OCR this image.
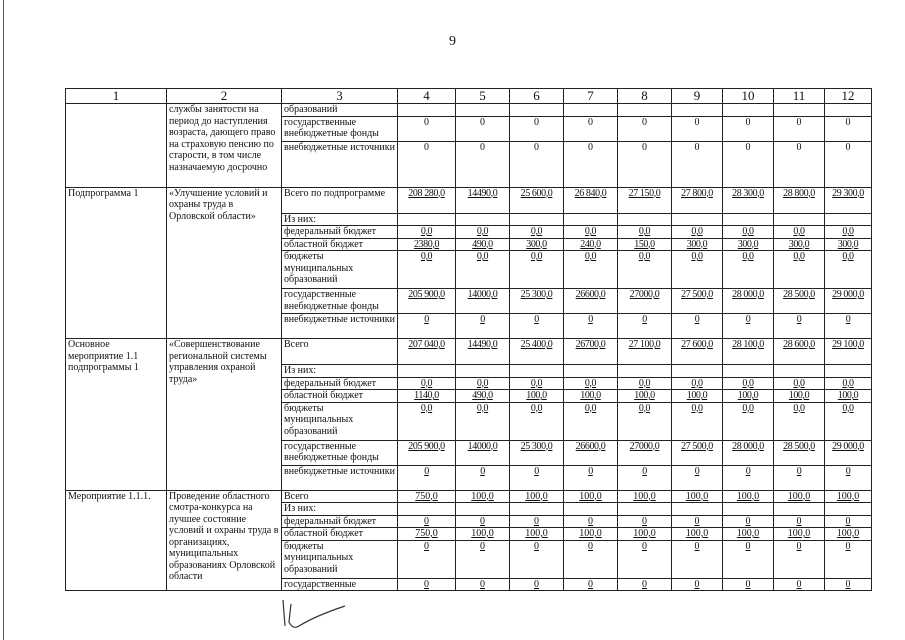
9
1	2	3	4	5	6	7	8	9	10	11	12
	службы занятости на период до наступления возраста, дающего право на страховую пенсию по старости, в том числе назначаемую досрочно	образований									
		государственные внебюджетные фонды	0	0	0	0	0	0	0	0	0
		внебюджетные источники	0	0	0	0	0	0	0	0	0
Подпрограмма 1	«Улучшение условий и охраны труда в Орловской области»	Всего по подпрограмме	208 280,0	14490,0	25 600,0	26 840,0	27 150,0	27 800,0	28 300,0	28 800,0	29 300,0
		Из них:									
		федеральный бюджет	0,0	0,0	0,0	0,0	0,0	0,0	0,0	0,0	0,0
		областной бюджет	2380,0	490,0	300,0	240,0	150,0	300,0	300,0	300,0	300,0
		бюджеты муниципальных образований	0,0	0,0	0,0	0,0	0,0	0,0	0,0	0,0	0,0
		государственные внебюджетные фонды	205 900,0	14000,0	25 300,0	26600,0	27000,0	27 500,0	28 000,0	28 500,0	29 000,0
		внебюджетные источники	0	0	0	0	0	0	0	0	0
Основное мероприятие 1.1 подпрограммы 1	«Совершенствование региональной системы управления охраной труда»	Всего	207 040,0	14490,0	25 400,0	26700,0	27 100,0	27 600,0	28 100,0	28 600,0	29 100,0
		Из них:									
		федеральный бюджет	0,0	0,0	0,0	0,0	0,0	0,0	0,0	0,0	0,0
		областной бюджет	1140,0	490,0	100,0	100,0	100,0	100,0	100,0	100,0	100,0
		бюджеты муниципальных образований	0,0	0,0	0,0	0,0	0,0	0,0	0,0	0,0	0,0
		государственные внебюджетные фонды	205 900,0	14000,0	25 300,0	26600,0	27000,0	27 500,0	28 000,0	28 500,0	29 000,0
		внебюджетные источники	0	0	0	0	0	0	0	0	0
Мероприятие 1.1.1.	Проведение областного смотра-конкурса на лучшее состояние условий и охраны труда в организациях, муниципальных образованиях Орловской области	Всего	750,0	100,0	100,0	100,0	100,0	100,0	100,0	100,0	100,0
		Из них:									
		федеральный бюджет	0	0	0	0	0	0	0	0	0
		областной бюджет	750,0	100,0	100,0	100,0	100,0	100,0	100,0	100,0	100,0
		бюджеты муниципальных образований	0	0	0	0	0	0	0	0	0
		государственные	0	0	0	0	0	0	0	0	0
